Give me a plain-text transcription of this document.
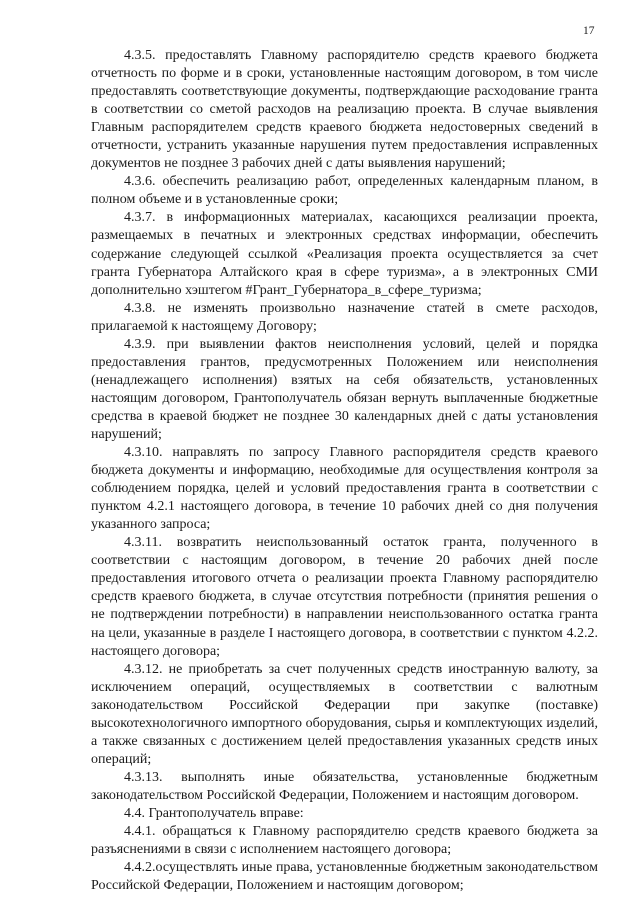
17

4.3.5. предоставлять Главному распорядителю средств краевого бюджета отчетность по форме и в сроки, установленные настоящим договором, в том числе предоставлять соответствующие документы, подтверждающие расходование гранта в соответствии со сметой расходов на реализацию проекта. В случае выявления Главным распорядителем средств краевого бюджета недостоверных сведений в отчетности, устранить указанные нарушения путем предоставления исправленных документов не позднее 3 рабочих дней с даты выявления нарушений;

4.3.6. обеспечить реализацию работ, определенных календарным планом, в полном объеме и в установленные сроки;

4.3.7. в информационных материалах, касающихся реализации проекта, размещаемых в печатных и электронных средствах информации, обеспечить содержание следующей ссылкой «Реализация проекта осуществляется за счет гранта Губернатора Алтайского края в сфере туризма», а в электронных СМИ дополнительно хэштегом #Грант_Губернатора_в_сфере_туризма;

4.3.8. не изменять произвольно назначение статей в смете расходов, прилагаемой к настоящему Договору;

4.3.9. при выявлении фактов неисполнения условий, целей и порядка предоставления грантов, предусмотренных Положением или неисполнения (ненадлежащего исполнения) взятых на себя обязательств, установленных настоящим договором, Грантополучатель обязан вернуть выплаченные бюджетные средства в краевой бюджет не позднее 30 календарных дней с даты установления нарушений;

4.3.10. направлять по запросу Главного распорядителя средств краевого бюджета документы и информацию, необходимые для осуществления контроля за соблюдением порядка, целей и условий предоставления гранта в соответствии с пунктом 4.2.1 настоящего договора, в течение 10 рабочих дней со дня получения указанного запроса;

4.3.11. возвратить неиспользованный остаток гранта, полученного в соответствии с настоящим договором, в течение 20 рабочих дней после предоставления итогового отчета о реализации проекта Главному распорядителю средств краевого бюджета, в случае отсутствия потребности (принятия решения о не подтверждении потребности) в направлении неиспользованного остатка гранта на цели, указанные в разделе I настоящего договора, в соответствии с пунктом 4.2.2. настоящего договора;

4.3.12. не приобретать за счет полученных средств иностранную валюту, за исключением операций, осуществляемых в соответствии с валютным законодательством Российской Федерации при закупке (поставке) высокотехнологичного импортного оборудования, сырья и комплектующих изделий, а также связанных с достижением целей предоставления указанных средств иных операций;

4.3.13. выполнять иные обязательства, установленные бюджетным законодательством Российской Федерации, Положением и настоящим договором.

4.4. Грантополучатель вправе:

4.4.1. обращаться к Главному распорядителю средств краевого бюджета за разъяснениями в связи с исполнением настоящего договора;

4.4.2.осуществлять иные права, установленные бюджетным законодательством Российской Федерации, Положением и настоящим договором;
